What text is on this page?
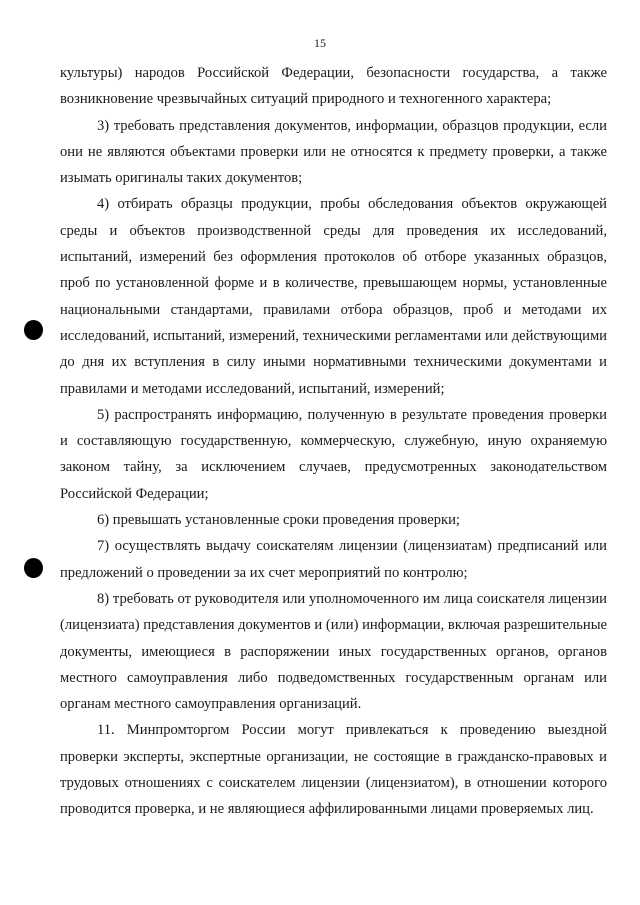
15

культуры) народов Российской Федерации, безопасности государства, а также возникновение чрезвычайных ситуаций природного и техногенного характера;

3) требовать представления документов, информации, образцов продукции, если они не являются объектами проверки или не относятся к предмету проверки, а также изымать оригиналы таких документов;

4) отбирать образцы продукции, пробы обследования объектов окружающей среды и объектов производственной среды для проведения их исследований, испытаний, измерений без оформления протоколов об отборе указанных образцов, проб по установленной форме и в количестве, превышающем нормы, установленные национальными стандартами, правилами отбора образцов, проб и методами их исследований, испытаний, измерений, техническими регламентами или действующими до дня их вступления в силу иными нормативными техническими документами и правилами и методами исследований, испытаний, измерений;

5) распространять информацию, полученную в результате проведения проверки и составляющую государственную, коммерческую, служебную, иную охраняемую законом тайну, за исключением случаев, предусмотренных законодательством Российской Федерации;

6) превышать установленные сроки проведения проверки;

7) осуществлять выдачу соискателям лицензии (лицензиатам) предписаний или предложений о проведении за их счет мероприятий по контролю;

8) требовать от руководителя или уполномоченного им лица соискателя лицензии (лицензиата) представления документов и (или) информации, включая разрешительные документы, имеющиеся в распоряжении иных государственных органов, органов местного самоуправления либо подведомственных государственным органам или органам местного самоуправления организаций.

11. Минпромторгом России могут привлекаться к проведению выездной проверки эксперты, экспертные организации, не состоящие в гражданско-правовых и трудовых отношениях с соискателем лицензии (лицензиатом), в отношении которого проводится проверка, и не являющиеся аффилированными лицами проверяемых лиц.
